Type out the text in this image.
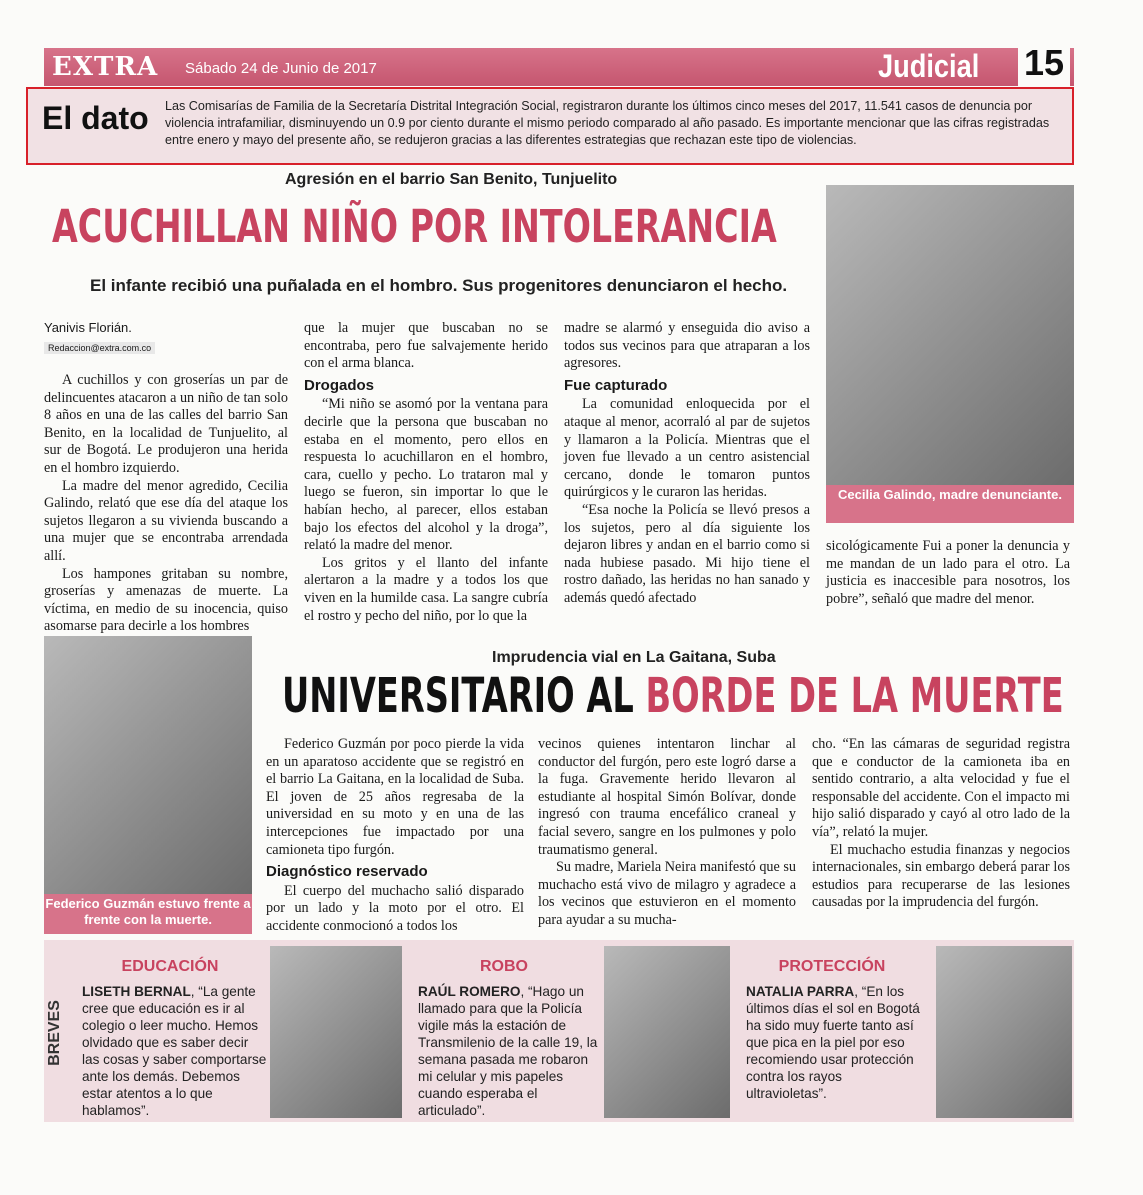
EXTRA Sábado 24 de Junio de 2017	Judicial 15
El dato Las Comisarías de Familia de la Secretaría Distrital Integración Social, registraron durante los últimos cinco meses del 2017, 11.541 casos de denuncia por violencia intrafamiliar, disminuyendo un 0.9 por ciento durante el mismo periodo comparado al año pasado. Es importante mencionar que las cifras registradas entre enero y mayo del presente año, se redujeron gracias a las diferentes estrategias que rechazan este tipo de violencias.
Agresión en el barrio San Benito, Tunjuelito
ACUCHILLAN NIÑO POR INTOLERANCIA
El infante recibió una puñalada en el hombro. Sus progenitores denunciaron el hecho.
Cecilia Galindo, madre denunciante.
Yanivis Florián.
Redaccion@extra.com.co

A cuchillos y con groserías un par de delincuentes atacaron a un niño de tan solo 8 años en una de las calles del barrio San Benito, en la localidad de Tunjuelito, al sur de Bogotá. Le produjeron una herida en el hombro izquierdo.

La madre del menor agredido, Cecilia Galindo, relató que ese día del ataque los sujetos llegaron a su vivienda buscando a una mujer que se encontraba arrendada allí.

Los hampones gritaban su nombre, groserías y amenazas de muerte. La víctima, en medio de su inocencia, quiso asomarse para decirle a los hombres

que la mujer que buscaban no se encontraba, pero fue salvajemente herido con el arma blanca.

Drogados

“Mi niño se asomó por la ventana para decirle que la persona que buscaban no estaba en el momento, pero ellos en respuesta lo acuchillaron en el hombro, cara, cuello y pecho. Lo trataron mal y luego se fueron, sin importar lo que le habían hecho, al parecer, ellos estaban bajo los efectos del alcohol y la droga”, relató la madre del menor.

Los gritos y el llanto del infante alertaron a la madre y a todos los que viven en la humilde casa. La sangre cubría el rostro y pecho del niño, por lo que la

madre se alarmó y enseguida dio aviso a todos sus vecinos para que atraparan a los agresores.

Fue capturado

La comunidad enloquecida por el ataque al menor, acorraló al par de sujetos y llamaron a la Policía. Mientras que el joven fue llevado a un centro asistencial cercano, donde le tomaron puntos quirúrgicos y le curaron las heridas.

“Esa noche la Policía se llevó presos a los sujetos, pero al día siguiente los dejaron libres y andan en el barrio como si nada hubiese pasado. Mi hijo tiene el rostro dañado, las heridas no han sanado y además quedó afectado

sicológicamente Fui a poner la denuncia y me mandan de un lado para el otro. La justicia es inaccesible para nosotros, los pobre”, señaló que madre del menor.

Federico Guzmán estuvo frente a frente con la muerte.
Imprudencia vial en La Gaitana, Suba
UNIVERSITARIO AL BORDE DE LA MUERTE

Federico Guzmán por poco pierde la vida en un aparatoso accidente que se registró en el barrio La Gaitana, en la localidad de Suba. El joven de 25 años regresaba de la universidad en su moto y en una de las intercepciones fue impactado por una camioneta tipo furgón.

Diagnóstico reservado

El cuerpo del muchacho salió disparado por un lado y la moto por el otro. El accidente conmocionó a todos los

vecinos quienes intentaron linchar al conductor del furgón, pero este logró darse a la fuga. Gravemente herido llevaron al estudiante al hospital Simón Bolívar, donde ingresó con trauma encefálico craneal y facial severo, sangre en los pulmones y polo traumatismo general.

Su madre, Mariela Neira manifestó que su muchacho está vivo de milagro y agradece a los vecinos que estuvieron en el momento para ayudar a su mucha-

cho. “En las cámaras de seguridad registra que e conductor de la camioneta iba en sentido contrario, a alta velocidad y fue el responsable del accidente. Con el impacto mi hijo salió disparado y cayó al otro lado de la vía”, relató la mujer.

El muchacho estudia finanzas y negocios internacionales, sin embargo deberá parar los estudios para recuperarse de las lesiones causadas por la imprudencia del furgón.

BREVES
EDUCACIÓN
LISETH BERNAL, “La gente cree que educación es ir al colegio o leer mucho. Hemos olvidado que es saber decir las cosas y saber comportarse ante los demás. Debemos estar atentos a lo que hablamos”.
ROBO
RAÚL ROMERO, “Hago un llamado para que la Policía vigile más la estación de Transmilenio de la calle 19, la semana pasada me robaron mi celular y mis papeles cuando esperaba el articulado”.
PROTECCIÓN
NATALIA PARRA, “En los últimos días el sol en Bogotá ha sido muy fuerte tanto así que pica en la piel por eso recomiendo usar protección contra los rayos ultravioletas”.
